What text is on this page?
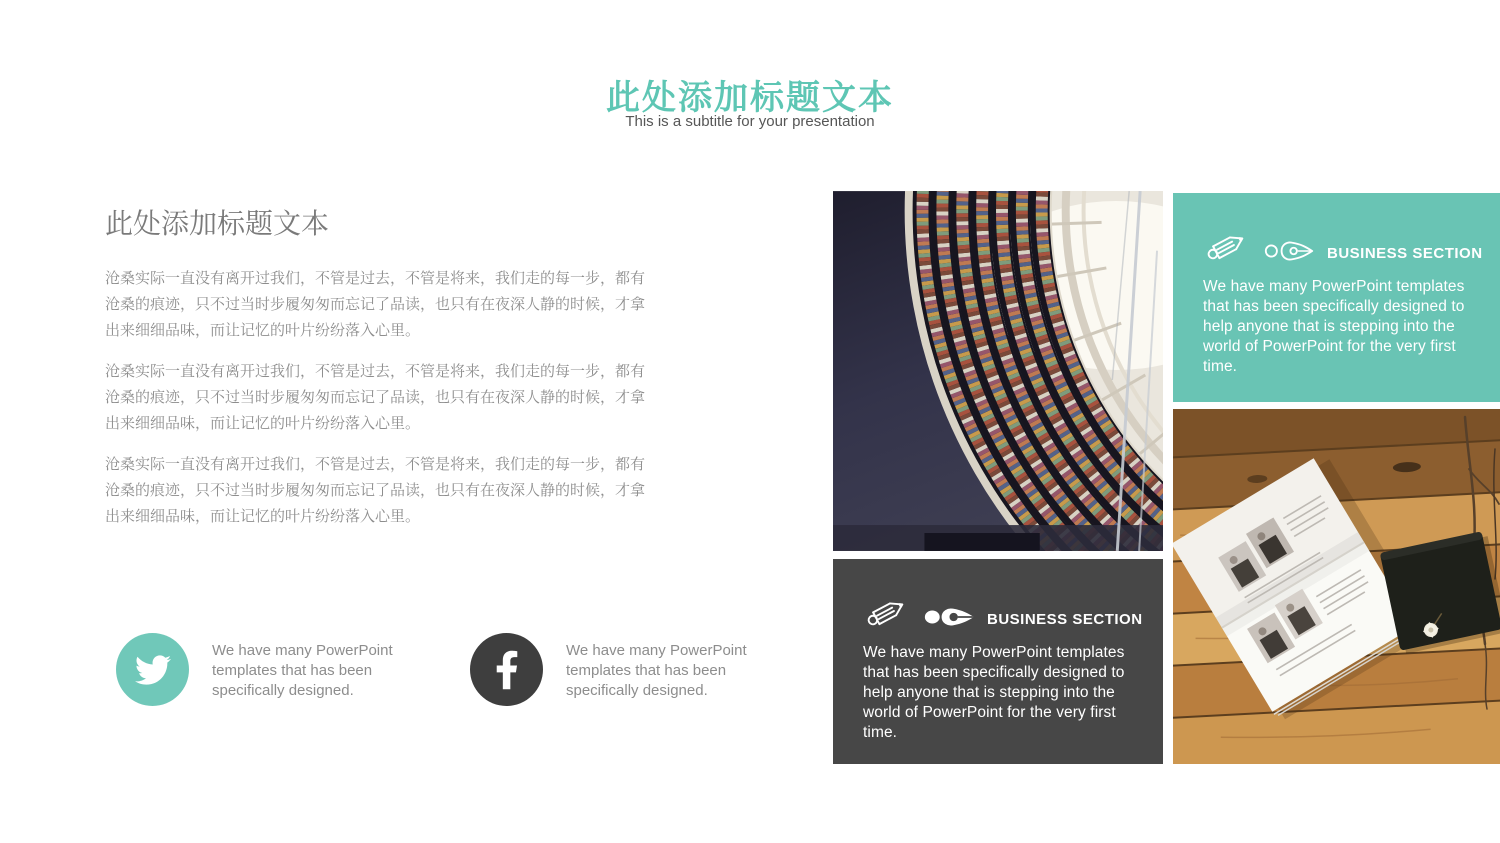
此处添加标题文本
This is a subtitle for your presentation
此处添加标题文本

沧桑实际一直没有离开过我们，不管是过去，不管是将来，我们走的每一步，都有沧桑的痕迹，只不过当时步履匆匆而忘记了品读，也只有在夜深人静的时候，才拿出来细细品味，而让记忆的叶片纷纷落入心里。

沧桑实际一直没有离开过我们，不管是过去，不管是将来，我们走的每一步，都有沧桑的痕迹，只不过当时步履匆匆而忘记了品读，也只有在夜深人静的时候，才拿出来细细品味，而让记忆的叶片纷纷落入心里。

沧桑实际一直没有离开过我们，不管是过去，不管是将来，我们走的每一步，都有沧桑的痕迹，只不过当时步履匆匆而忘记了品读，也只有在夜深人静的时候，才拿出来细细品味，而让记忆的叶片纷纷落入心里。

We have many PowerPoint templates that has been specifically designed.
We have many PowerPoint templates that has been specifically designed.
BUSINESS SECTION
We have many PowerPoint templates that has been specifically designed to help anyone that is stepping into the world of PowerPoint for the very first time.
BUSINESS SECTION
We have many PowerPoint templates that has been specifically designed to help anyone that is stepping into the world of PowerPoint for the very first time.
